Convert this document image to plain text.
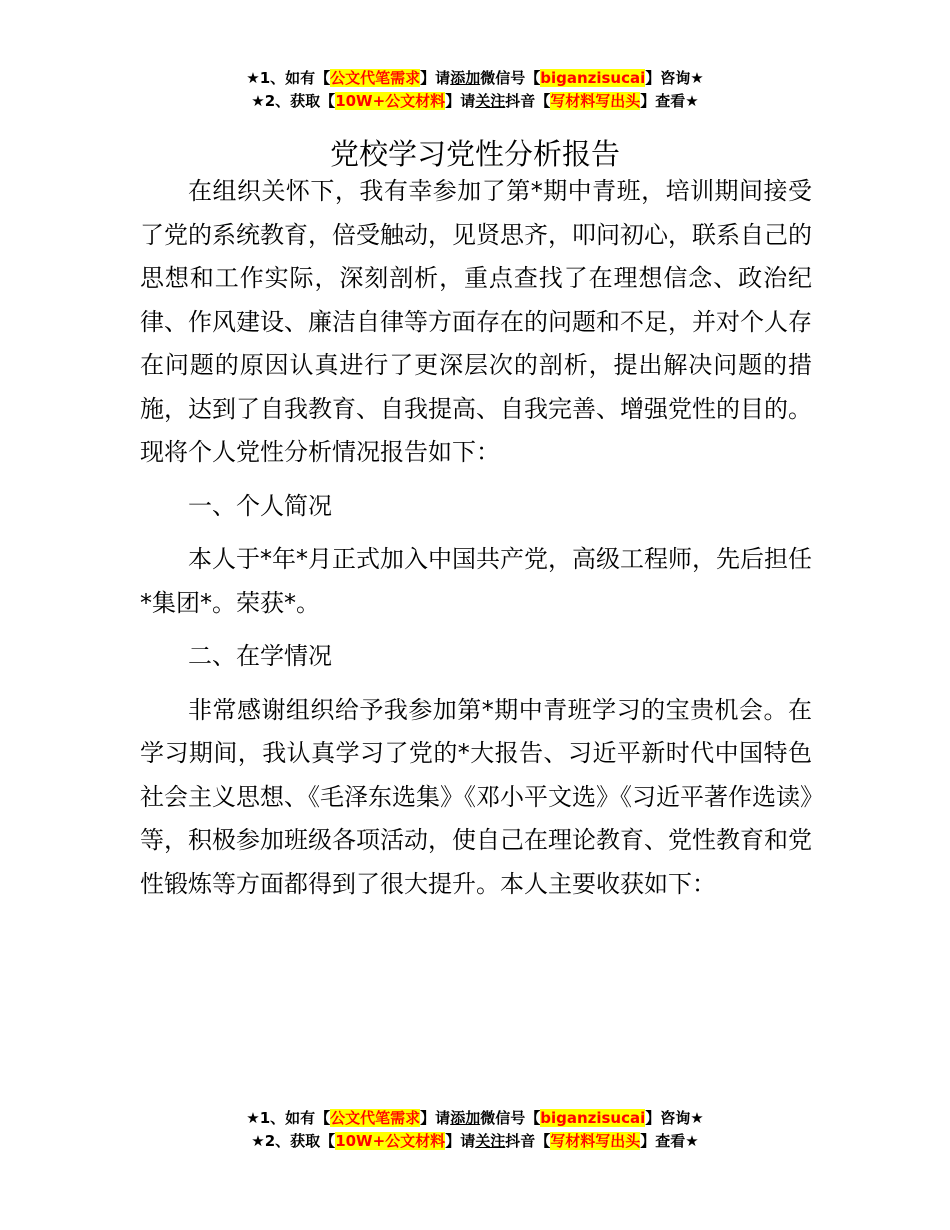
★1、如有【公文代笔需求】请添加微信号【biganzisucai】咨询★
★2、获取【10W+公文材料】请关注抖音【写材料写出头】查看★
党校学习党性分析报告

在组织关怀下，我有幸参加了第*期中青班，培训期间接受了党的系统教育，倍受触动，见贤思齐，叩问初心，联系自己的思想和工作实际，深刻剖析，重点查找了在理想信念、政治纪律、作风建设、廉洁自律等方面存在的问题和不足，并对个人存在问题的原因认真进行了更深层次的剖析，提出解决问题的措施，达到了自我教育、自我提高、自我完善、增强党性的目的。现将个人党性分析情况报告如下：

一、个人简况

本人于*年*月正式加入中国共产党，高级工程师，先后担任*集团*。荣获*。

二、在学情况

非常感谢组织给予我参加第*期中青班学习的宝贵机会。在学习期间，我认真学习了党的*大报告、习近平新时代中国特色社会主义思想、《毛泽东选集》《邓小平文选》《习近平著作选读》等，积极参加班级各项活动，使自己在理论教育、党性教育和党性锻炼等方面都得到了很大提升。本人主要收获如下：

★1、如有【公文代笔需求】请添加微信号【biganzisucai】咨询★
★2、获取【10W+公文材料】请关注抖音【写材料写出头】查看★
